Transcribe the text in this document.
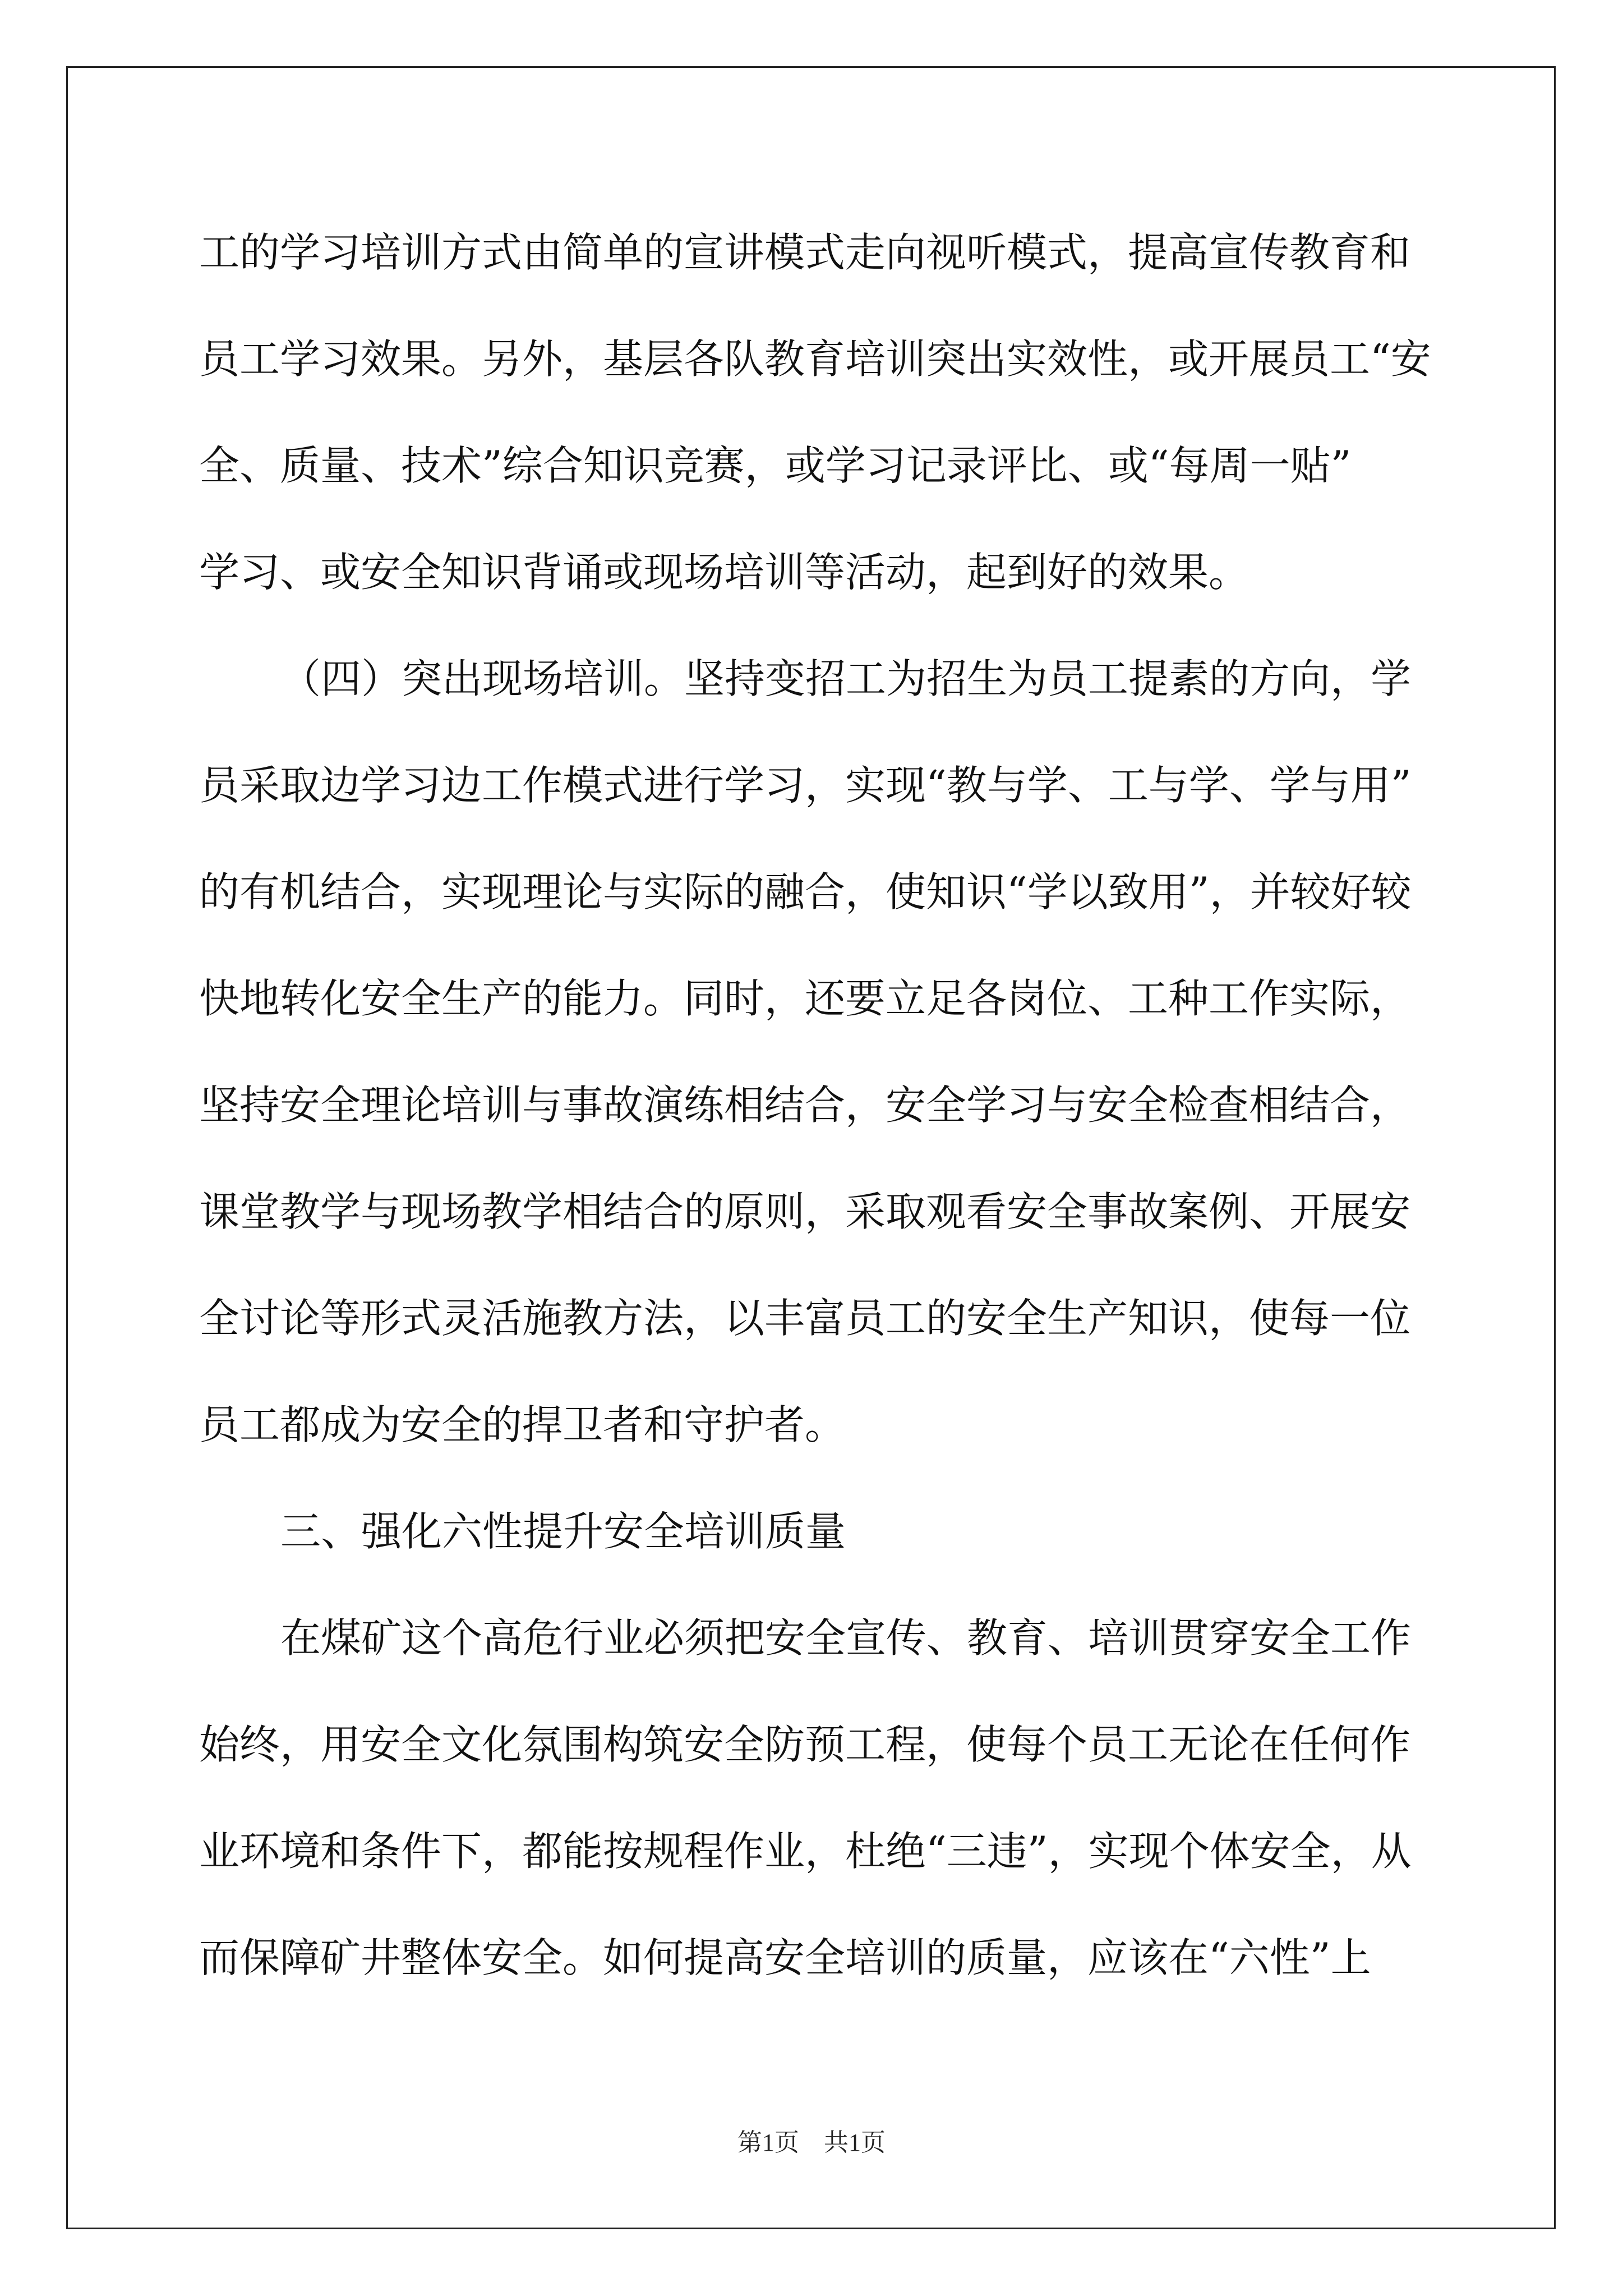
工的学习培训方式由简单的宣讲模式走向视听模式，提高宣传教育和
员工学习效果。另外，基层各队教育培训突出实效性，或开展员工“安
全、质量、技术”综合知识竞赛，或学习记录评比、或“每周一贴”
学习、或安全知识背诵或现场培训等活动，起到好的效果。
（四）突出现场培训。坚持变招工为招生为员工提素的方向，学
员采取边学习边工作模式进行学习，实现“教与学、工与学、学与用”
的有机结合，实现理论与实际的融合，使知识“学以致用”，并较好较
快地转化安全生产的能力。同时，还要立足各岗位、工种工作实际，
坚持安全理论培训与事故演练相结合，安全学习与安全检查相结合，
课堂教学与现场教学相结合的原则，采取观看安全事故案例、开展安
全讨论等形式灵活施教方法，以丰富员工的安全生产知识，使每一位
员工都成为安全的捍卫者和守护者。
三、强化六性提升安全培训质量
在煤矿这个高危行业必须把安全宣传、教育、培训贯穿安全工作
始终，用安全文化氛围构筑安全防预工程，使每个员工无论在任何作
业环境和条件下，都能按规程作业，杜绝“三违”，实现个体安全，从
而保障矿井整体安全。如何提高安全培训的质量，应该在“六性”上
第1页　共1页
